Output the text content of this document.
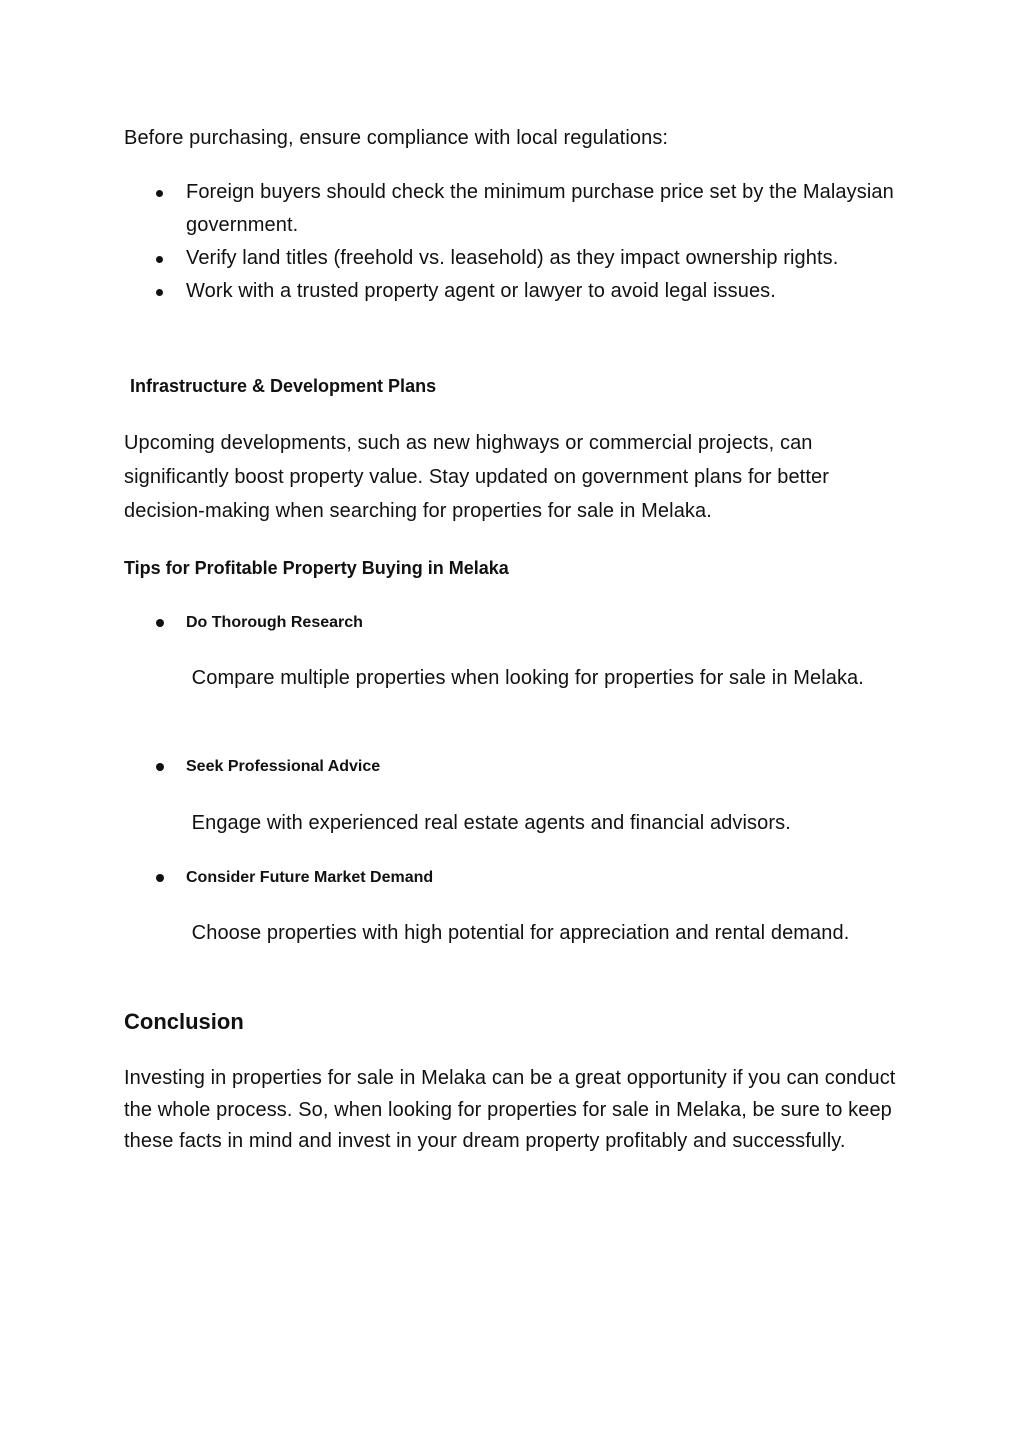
Before purchasing, ensure compliance with local regulations:

Foreign buyers should check the minimum purchase price set by the Malaysian government.
Verify land titles (freehold vs. leasehold) as they impact ownership rights.
Work with a trusted property agent or lawyer to avoid legal issues.
Infrastructure & Development Plans

Upcoming developments, such as new highways or commercial projects, can significantly boost property value. Stay updated on government plans for better decision-making when searching for properties for sale in Melaka.

Tips for Profitable Property Buying in Melaka
Do Thorough Research

Compare multiple properties when looking for properties for sale in Melaka.

Seek Professional Advice

Engage with experienced real estate agents and financial advisors.

Consider Future Market Demand

Choose properties with high potential for appreciation and rental demand.

Conclusion

Investing in properties for sale in Melaka can be a great opportunity if you can conduct the whole process. So, when looking for properties for sale in Melaka, be sure to keep these facts in mind and invest in your dream property profitably and successfully.
